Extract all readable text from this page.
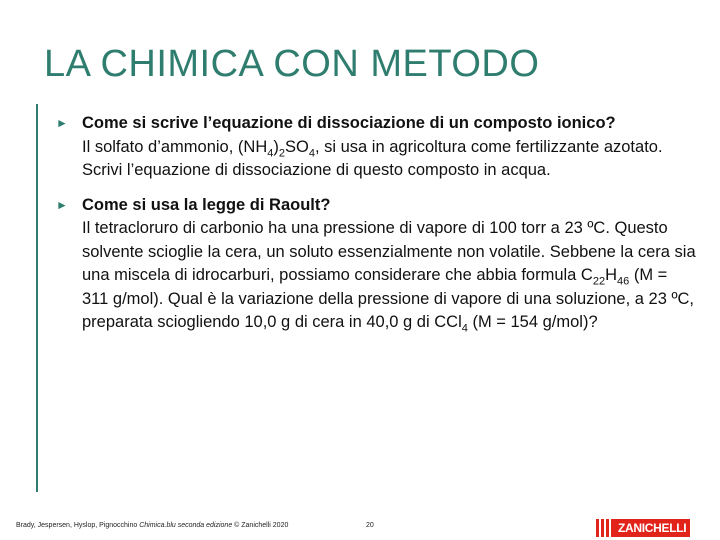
LA CHIMICA CON METODO
► Come si scrive l’equazione di dissociazione di un composto ionico?
Il solfato d’ammonio, $(NH_4)_2SO_4$, si usa in agricoltura come fertilizzante azotato. Scrivi l’equazione di dissociazione di questo composto in acqua.
► Come si usa la legge di Raoult?
Il tetracloruro di carbonio ha una pressione di vapore di 100 torr a 23 ºC. Questo solvente scioglie la cera, un soluto essenzialmente non volatile. Sebbene la cera sia una miscela di idrocarburi, possiamo considerare che abbia formula $C_{22}H_{46}$ (M = 311 g/mol). Qual è la variazione della pressione di vapore di una soluzione, a 23 ºC, preparata sciogliendo 10,0 g di cera in 40,0 g di CCl$_4$ (M = 154 g/mol)?
Brady, Jespersen, Hyslop, Pignocchino Chimica.blu seconda edizione © Zanichelli 2020	20	ZANICHELLI
